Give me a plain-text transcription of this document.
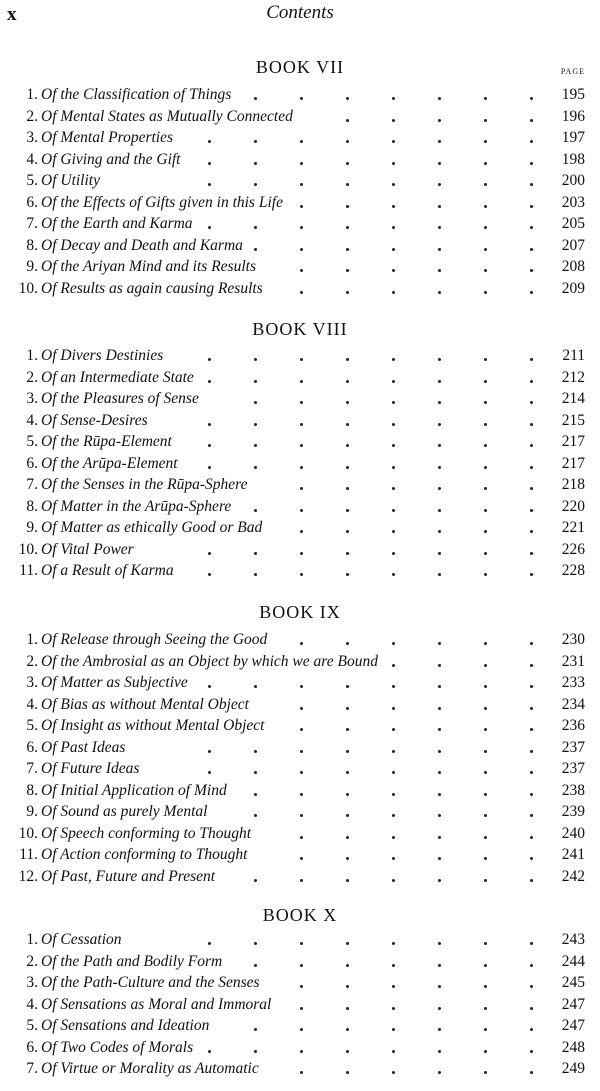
x	Contents
PAGE
BOOK VII
1. Of the Classification of Things	195
2. Of Mental States as Mutually Connected	196
3. Of Mental Properties	197
4. Of Giving and the Gift	198
5. Of Utility	200
6. Of the Effects of Gifts given in this Life	203
7. Of the Earth and Karma	205
8. Of Decay and Death and Karma	207
9. Of the Ariyan Mind and its Results	208
10. Of Results as again causing Results	209
BOOK VIII
1. Of Divers Destinies	211
2. Of an Intermediate State	212
3. Of the Pleasures of Sense	214
4. Of Sense-Desires	215
5. Of the Rūpa-Element	217
6. Of the Arūpa-Element	217
7. Of the Senses in the Rūpa-Sphere	218
8. Of Matter in the Arūpa-Sphere	220
9. Of Matter as ethically Good or Bad	221
10. Of Vital Power	226
11. Of a Result of Karma	228
BOOK IX
1. Of Release through Seeing the Good	230
2. Of the Ambrosial as an Object by which we are Bound	231
3. Of Matter as Subjective	233
4. Of Bias as without Mental Object	234
5. Of Insight as without Mental Object	236
6. Of Past Ideas	237
7. Of Future Ideas	237
8. Of Initial Application of Mind	238
9. Of Sound as purely Mental	239
10. Of Speech conforming to Thought	240
11. Of Action conforming to Thought	241
12. Of Past, Future and Present	242
BOOK X
1. Of Cessation	243
2. Of the Path and Bodily Form	244
3. Of the Path-Culture and the Senses	245
4. Of Sensations as Moral and Immoral	247
5. Of Sensations and Ideation	247
6. Of Two Codes of Morals	248
7. Of Virtue or Morality as Automatic	249
